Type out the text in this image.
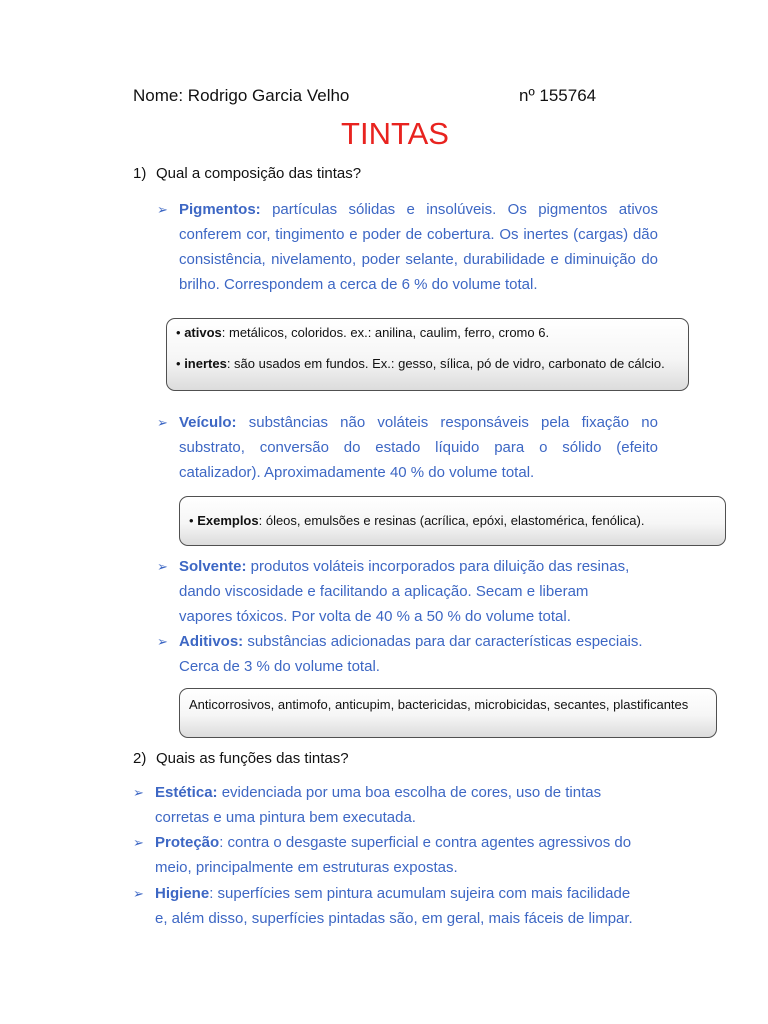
Nome: Rodrigo Garcia Velho	nº 155764
TINTAS
1) Qual a composição das tintas?
➢ Pigmentos: partículas sólidas e insolúveis. Os pigmentos ativos conferem cor, tingimento e poder de cobertura. Os inertes (cargas) dão consistência, nivelamento, poder selante, durabilidade e diminuição do brilho. Correspondem a cerca de 6 % do volume total.
• ativos: metálicos, coloridos. ex.: anilina, caulim, ferro, cromo 6.
• inertes: são usados em fundos. Ex.: gesso, sílica, pó de vidro, carbonato de cálcio.
➢ Veículo: substâncias não voláteis responsáveis pela fixação no substrato, conversão do estado líquido para o sólido (efeito catalizador). Aproximadamente 40 % do volume total.
• Exemplos: óleos, emulsões e resinas (acrílica, epóxi, elastomérica, fenólica).
➢ Solvente: produtos voláteis incorporados para diluição das resinas,
dando viscosidade e facilitando a aplicação. Secam e liberam
vapores tóxicos. Por volta de 40 % a 50 % do volume total.
➢ Aditivos: substâncias adicionadas para dar características especiais.
Cerca de 3 % do volume total.
Anticorrosivos, antimofo, anticupim, bactericidas, microbicidas, secantes, plastificantes
2) Quais as funções das tintas?
➢ Estética: evidenciada por uma boa escolha de cores, uso de tintas
corretas e uma pintura bem executada.
➢ Proteção: contra o desgaste superficial e contra agentes agressivos do
meio, principalmente em estruturas expostas.
➢ Higiene: superfícies sem pintura acumulam sujeira com mais facilidade
e, além disso, superfícies pintadas são, em geral, mais fáceis de limpar.
